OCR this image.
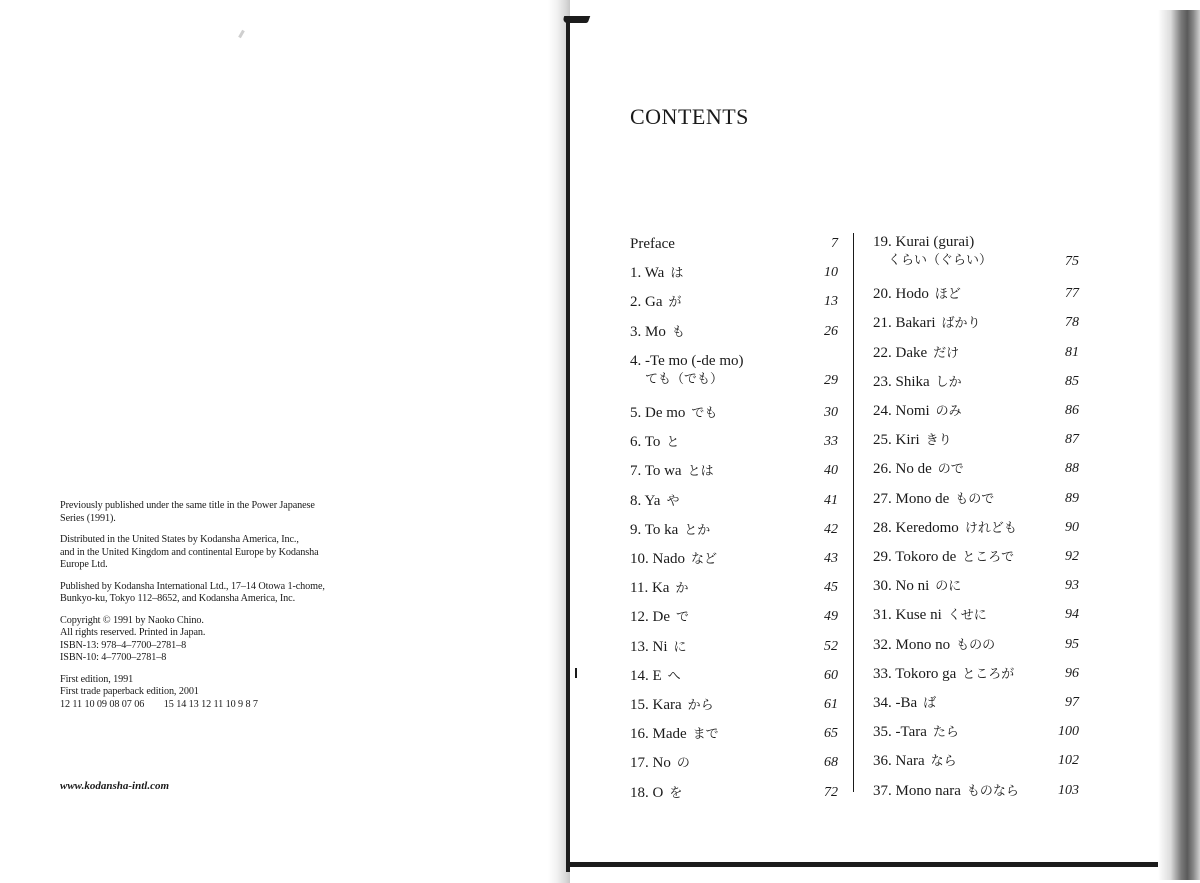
Previously published under the same title in the Power Japanese
Series (1991).

Distributed in the United States by Kodansha America, Inc.,
and in the United Kingdom and continental Europe by Kodansha
Europe Ltd.

Published by Kodansha International Ltd., 17–14 Otowa 1-chome,
Bunkyo-ku, Tokyo 112–8652, and Kodansha America, Inc.

Copyright © 1991 by Naoko Chino.
All rights reserved. Printed in Japan.
ISBN-13: 978–4–7700–2781–8
ISBN-10: 4–7700–2781–8

First edition, 1991
First trade paperback edition, 2001
12 11 10 09 08 07 06        15 14 13 12 11 10 9 8 7

www.kodansha-intl.com
CONTENTS
Preface	7
1. Wa は	10
2. Ga が	13
3. Mo も	26
4. -Te mo (-de mo)
ても（でも）	29
5. De mo でも	30
6. To と	33
7. To wa とは	40
8. Ya や	41
9. To ka とか	42
10. Nado など	43
11. Ka か	45
12. De で	49
13. Ni に	52
14. E へ	60
15. Kara から	61
16. Made まで	65
17. No の	68
18. O を	72
19. Kurai (gurai)
くらい（ぐらい）	75
20. Hodo ほど	77
21. Bakari ばかり	78
22. Dake だけ	81
23. Shika しか	85
24. Nomi のみ	86
25. Kiri きり	87
26. No de ので	88
27. Mono de もので	89
28. Keredomo けれども	90
29. Tokoro de ところで	92
30. No ni のに	93
31. Kuse ni くせに	94
32. Mono no ものの	95
33. Tokoro ga ところが	96
34. -Ba ば	97
35. -Tara たら	100
36. Nara なら	102
37. Mono nara ものなら	103
